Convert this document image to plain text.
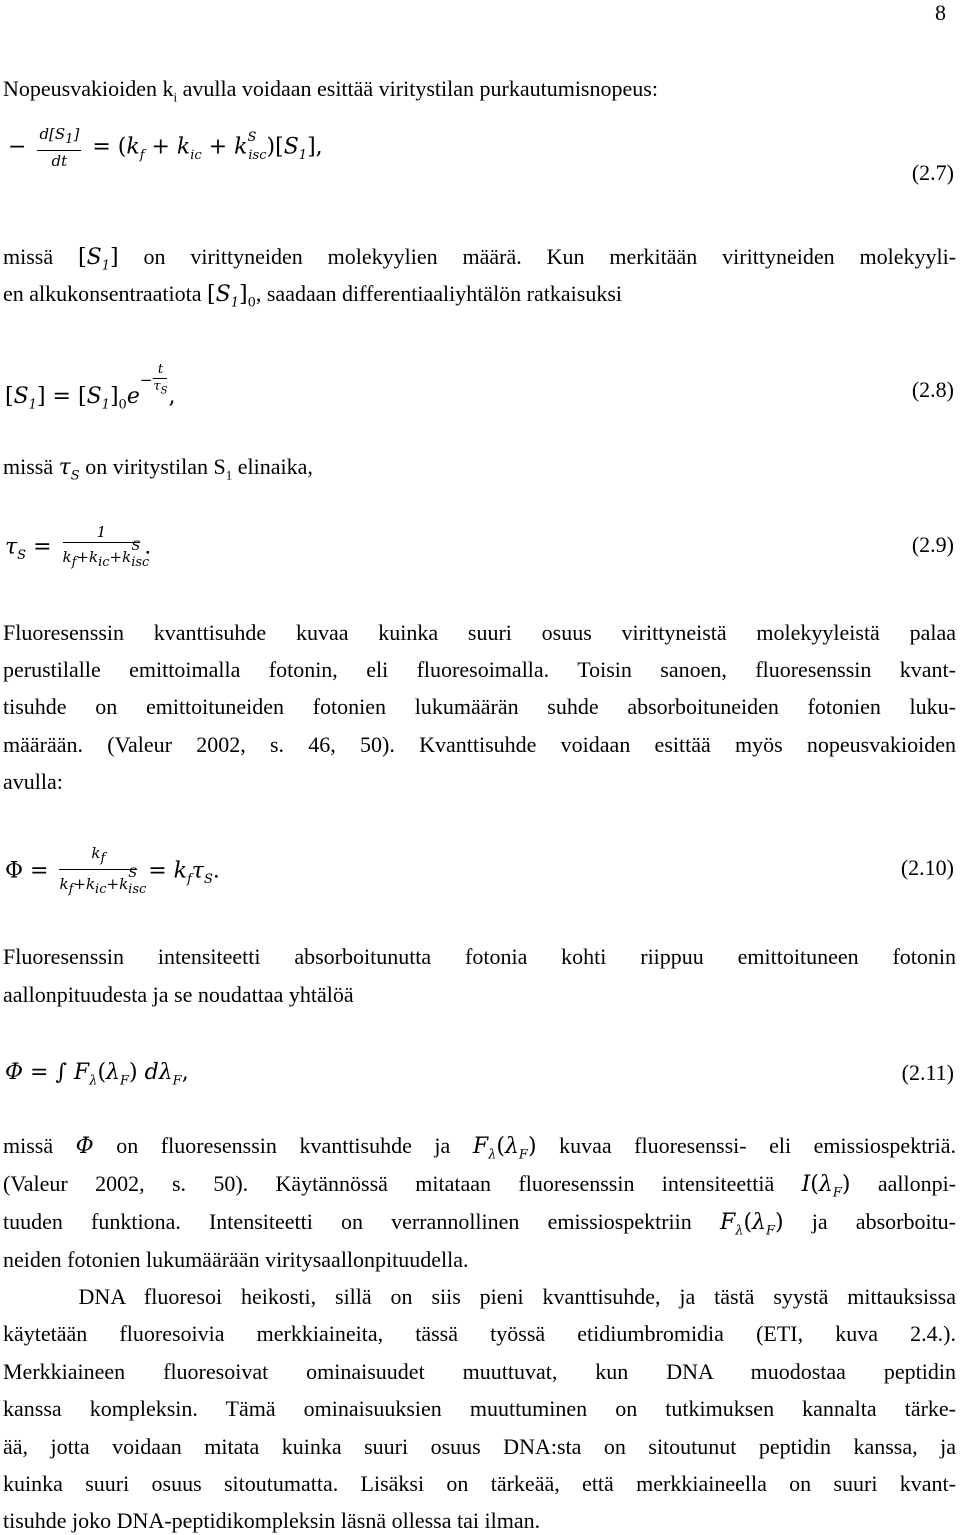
8
Nopeusvakioiden $k_i$ avulla voidaan esittää viritystilan purkautumisnopeus:
− $\frac{d[S_1]}{dt} = (k_f + k_{ic} + k^S_{isc})[S_1]$,
(2.7)
missä $[S_1]$ on virittyneiden molekyylien määrä. Kun merkitään virittyneiden molekyyli-
en alkukonsentraatiota $[S_1]_0$, saadaan differentiaaliyhtälön ratkaisuksi
$[S_1] = [S_1]_0e^{- \frac{t}{\tau_S}}$ ,	(2.8)
missä $\tau_S$ on viritystilan $S_1$ elinaika,
$\tau_S = \frac{1}{k_f+k_{ic}+k_{isc}^S}$ .	(2.9)
Fluoresenssin kvanttisuhde kuvaa kuinka suuri osuus virittyneistä molekyyleistä palaa
perustilalle emittoimalla fotonin, eli fluoresoimalla. Toisin sanoen, fluoresenssin kvant-
tisuhde on emittoituneiden fotonien lukumäärän suhde absorboituneiden fotonien luku-
määrään. (Valeur 2002, s. 46, 50). Kvanttisuhde voidaan esittää myös nopeusvakioiden
avulla:
$\Phi = \frac{k_f}{k_f+k_{ic}+k_{isc}^S} = k_f\tau_S$.	(2.10)
Fluoresenssin intensiteetti absorboitunutta fotonia kohti riippuu emittoituneen fotonin
aallonpituudesta ja se noudattaa yhtälöä
Φ = ∫ $F_\lambda(\lambda_F)$ $d\lambda_F$,	(2.11)
missä Φ on fluoresenssin kvanttisuhde ja $F_\lambda(\lambda_F)$ kuvaa fluoresenssi- eli emissiospektriä.
(Valeur 2002, s. 50). Käytännössä mitataan fluoresenssin intensiteettiä $I(\lambda_F)$ aallonpi-
tuuden funktiona. Intensiteetti on verrannollinen emissiospektriin $F_\lambda(\lambda_F)$ ja absorboitu-
neiden fotonien lukumäärään viritysaallonpituudella.
DNA fluoresoi heikosti, sillä on siis pieni kvanttisuhde, ja tästä syystä mittauksissa
käytetään fluoresoivia merkkiaineita, tässä työssä etidiumbromidia (ETI, kuva 2.4.).
Merkkiaineen fluoresoivat ominaisuudet muuttuvat, kun DNA muodostaa peptidin
kanssa kompleksin. Tämä ominaisuuksien muuttuminen on tutkimuksen kannalta tärke-
ää, jotta voidaan mitata kuinka suuri osuus DNA:sta on sitoutunut peptidin kanssa, ja
kuinka suuri osuus sitoutumatta. Lisäksi on tärkeää, että merkkiaineella on suuri kvant-
tisuhde joko DNA-peptidikompleksin läsnä ollessa tai ilman.
